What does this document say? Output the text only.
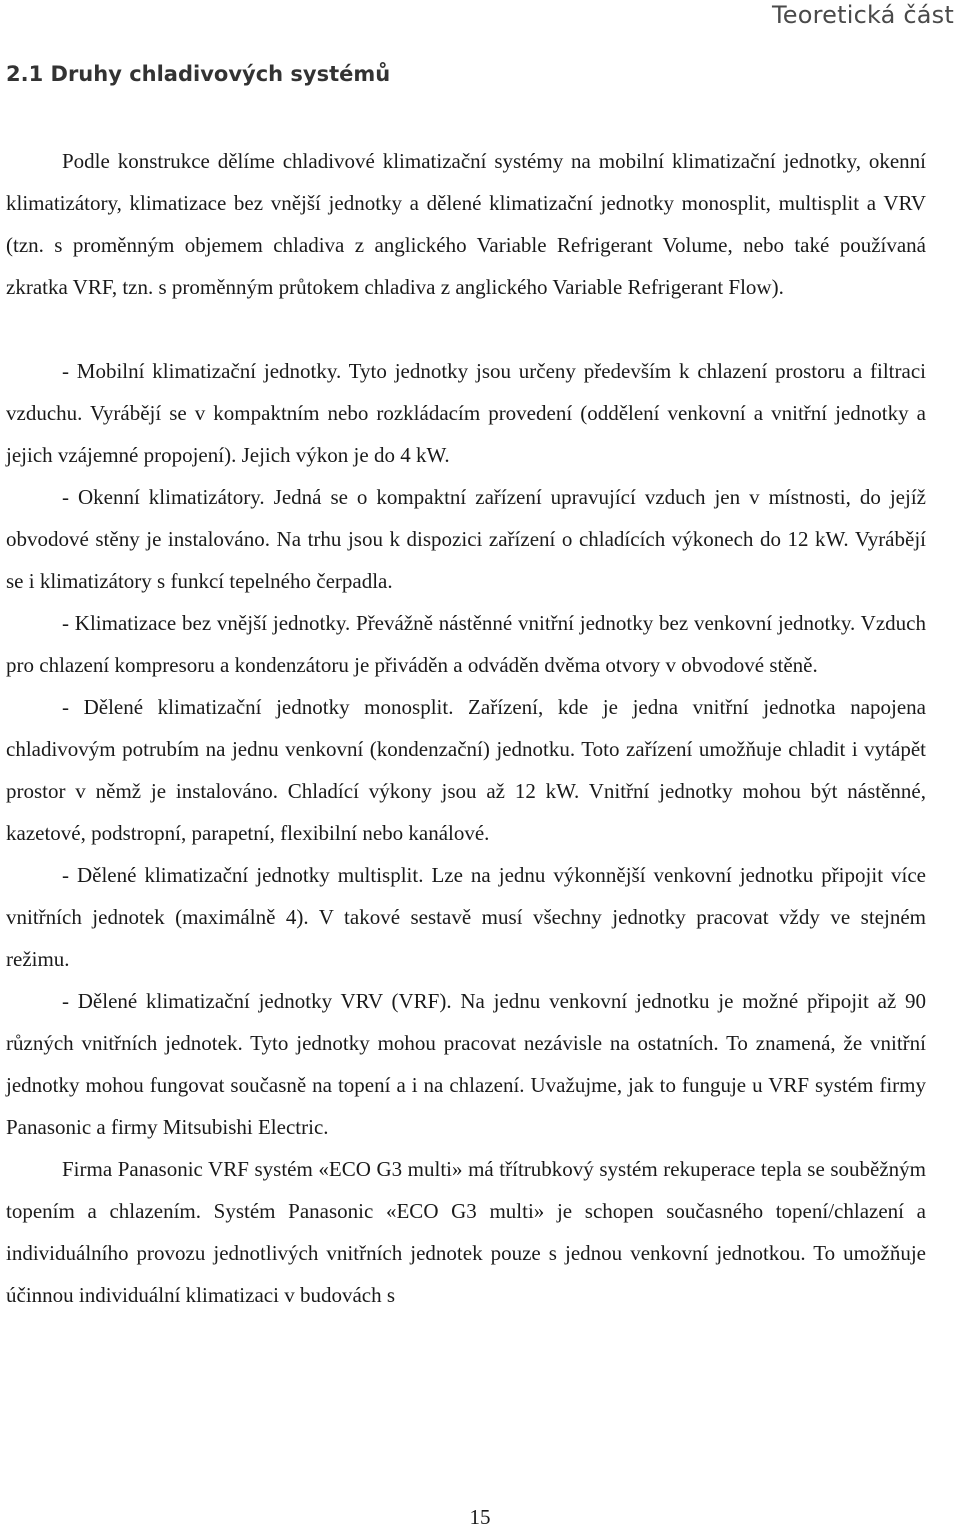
Teoretická část
2.1 Druhy chladivových systémů

Podle konstrukce dělíme chladivové klimatizační systémy na mobilní klimatizační jednotky, okenní klimatizátory, klimatizace bez vnější jednotky a dělené klimatizační jednotky monosplit, multisplit a VRV (tzn. s proměnným objemem chladiva z anglického Variable Refrigerant Volume, nebo také používaná zkratka VRF, tzn. s proměnným průtokem chladiva z anglického Variable Refrigerant Flow).

- Mobilní klimatizační jednotky. Tyto jednotky jsou určeny především k chlazení prostoru a filtraci vzduchu. Vyrábějí se v kompaktním nebo rozkládacím provedení (oddělení venkovní a vnitřní jednotky a jejich vzájemné propojení). Jejich výkon je do 4 kW.

- Okenní klimatizátory. Jedná se o kompaktní zařízení upravující vzduch jen v místnosti, do jejíž obvodové stěny je instalováno. Na trhu jsou k dispozici zařízení o chladících výkonech do 12 kW. Vyrábějí se i klimatizátory s funkcí tepelného čerpadla.

- Klimatizace bez vnější jednotky. Převážně nástěnné vnitřní jednotky bez venkovní jednotky. Vzduch pro chlazení kompresoru a kondenzátoru je přiváděn a odváděn dvěma otvory v obvodové stěně.

- Dělené klimatizační jednotky monosplit. Zařízení, kde je jedna vnitřní jednotka napojena chladivovým potrubím na jednu venkovní (kondenzační) jednotku. Toto zařízení umožňuje chladit i vytápět prostor v němž je instalováno. Chladící výkony jsou až 12 kW. Vnitřní jednotky mohou být nástěnné, kazetové, podstropní, parapetní, flexibilní nebo kanálové.

- Dělené klimatizační jednotky multisplit. Lze na jednu výkonnější venkovní jednotku připojit více vnitřních jednotek (maximálně 4). V takové sestavě musí všechny jednotky pracovat vždy ve stejném režimu.

- Dělené klimatizační jednotky VRV (VRF). Na jednu venkovní jednotku je možné připojit až 90 různých vnitřních jednotek. Tyto jednotky mohou pracovat nezávisle na ostatních. To znamená, že vnitřní jednotky mohou fungovat současně na topení a i na chlazení. Uvažujme, jak to funguje u VRF systém firmy Panasonic a firmy Mitsubishi Electric.

Firma Panasonic VRF systém «ECO G3 multi» má třítrubkový systém rekuperace tepla se souběžným topením a chlazením. Systém Panasonic «ECO G3 multi» je schopen současného topení/chlazení a individuálního provozu jednotlivých vnitřních jednotek pouze s jednou venkovní jednotkou. To umožňuje účinnou individuální klimatizaci v budovách s

15
